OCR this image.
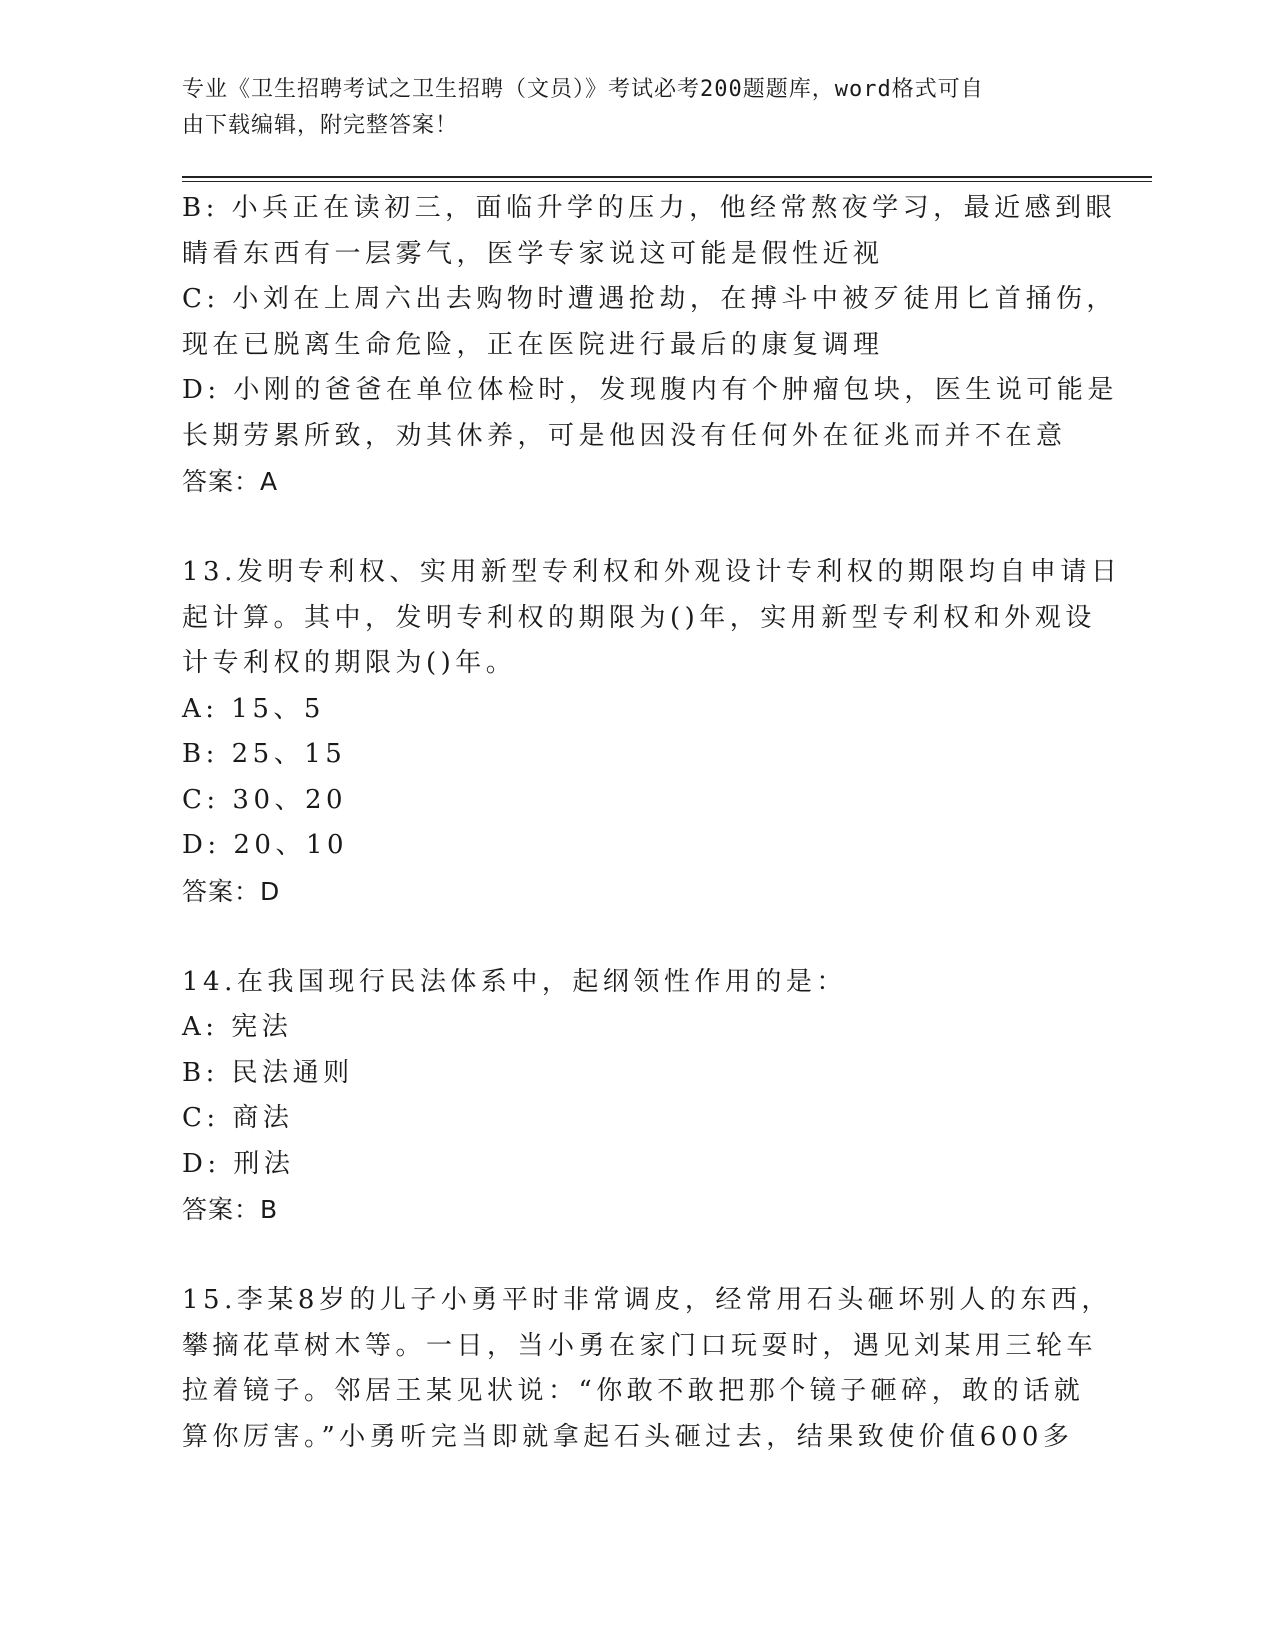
专业《卫生招聘考试之卫生招聘（文员）》考试必考200题题库，word格式可自
由下载编辑，附完整答案！

B: 小兵正在读初三，面临升学的压力，他经常熬夜学习，最近感到眼

睛看东西有一层雾气，医学专家说这可能是假性近视

C: 小刘在上周六出去购物时遭遇抢劫，在搏斗中被歹徒用匕首捅伤，

现在已脱离生命危险，正在医院进行最后的康复调理

D: 小刚的爸爸在单位体检时，发现腹内有个肿瘤包块，医生说可能是

长期劳累所致，劝其休养，可是他因没有任何外在征兆而并不在意

答案：A

13.发明专利权、实用新型专利权和外观设计专利权的期限均自申请日

起计算。其中，发明专利权的期限为()年，实用新型专利权和外观设

计专利权的期限为()年。

A: 15、5

B: 25、15

C: 30、20

D: 20、10

答案：D

14.在我国现行民法体系中，起纲领性作用的是：

A: 宪法

B: 民法通则

C: 商法

D: 刑法

答案：B

15.李某8岁的儿子小勇平时非常调皮，经常用石头砸坏别人的东西，

攀摘花草树木等。一日，当小勇在家门口玩耍时，遇见刘某用三轮车

拉着镜子。邻居王某见状说：“你敢不敢把那个镜子砸碎，敢的话就

算你厉害。”小勇听完当即就拿起石头砸过去，结果致使价值600多
